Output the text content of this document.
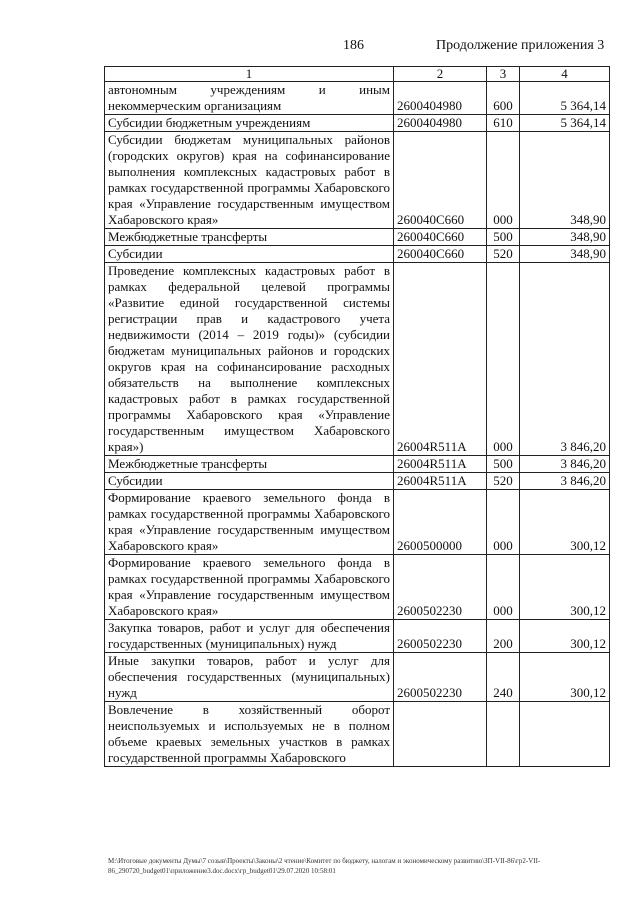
186	Продолжение приложения 3
1	2	3	4
автономным учреждениям и иным некоммерческим организациям	2600404980	600	5 364,14
Субсидии бюджетным учреждениям	2600404980	610	5 364,14
Субсидии бюджетам муниципальных районов (городских округов) края на софинансирование выполнения комплексных кадастровых работ в рамках государственной программы Хабаровского края «Управление государственным имуществом Хабаровского края»	260040С660	000	348,90
Межбюджетные трансферты	260040С660	500	348,90
Субсидии	260040С660	520	348,90
Проведение комплексных кадастровых работ в рамках федеральной целевой программы «Развитие единой государственной системы регистрации прав и кадастрового учета недвижимости (2014 – 2019 годы)» (субсидии бюджетам муниципальных районов и городских округов края на софинансирование расходных обязательств на выполнение комплексных кадастровых работ в рамках государственной программы Хабаровского края «Управление государственным имуществом Хабаровского края»)	26004R511A	000	3 846,20
Межбюджетные трансферты	26004R511A	500	3 846,20
Субсидии	26004R511A	520	3 846,20
Формирование краевого земельного фонда в рамках государственной программы Хабаровского края «Управление государственным имуществом Хабаровского края»	2600500000	000	300,12
Формирование краевого земельного фонда в рамках государственной программы Хабаровского края «Управление государственным имуществом Хабаровского края»	2600502230	000	300,12
Закупка товаров, работ и услуг для обеспечения государственных (муниципальных) нужд	2600502230	200	300,12
Иные закупки товаров, работ и услуг для обеспечения государственных (муниципальных) нужд	2600502230	240	300,12
Вовлечение в хозяйственный оборот неиспользуемых и используемых не в полном объеме краевых земельных участков в рамках государственной программы Хабаровского			
М:\Итоговые документы Думы\7 созыв\Проекты\Законы\2 чтение\Комитет по бюджету, налогам и экономическому развитию\ЗП-VII-86\гр2-VII-86_290720_budget01\приложение3.doc.docx\гр_budget01\29.07.2020 10:58:01
